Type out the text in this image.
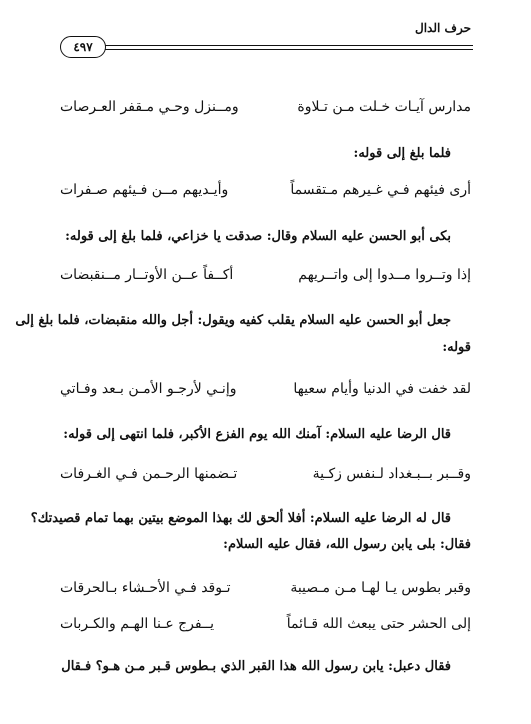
حرف الدال
٤٩٧
مدارس آيـات خـلت مـن تـلاوة
ومــنزل وحـي مـقفر العـرصات
فلما بلغ إلى قوله:
أرى فيئهم فـي غـيرهم مـتقسماً
وأيـديهم مــن فـيئهم صـفرات
بكى أبو الحسن عليه السلام وقال: صدقت يا خزاعي، فلما بلغ إلى قوله:
إذا وتــروا مــدوا إلى واتــريهم
أكــفاً عــن الأوتــار مــنقبضات
جعل أبو الحسن عليه السلام يقلب كفيه ويقول: أجل والله منقبضات، فلما بلغ إلى
قوله:
لقد خفت في الدنيا وأيام سعيها
وإنـي لأرجـو الأمـن بـعد وفـاتي
قال الرضا عليه السلام: آمنك الله يوم الفزع الأكبر، فلما انتهى إلى قوله:
وقــبر بــبـغداد لـنفس زكـية
تـضمنها الرحـمن فـي الغـرفات
قال له الرضا عليه السلام: أفلا ألحق لك بهذا الموضع بيتين بهما تمام قصيدتك؟
فقال: بلى يابن رسول الله، فقال عليه السلام:
وقبر بطوس يـا لهـا مـن مـصيبة
تـوقد فـي الأحـشاء بـالحرقات
إلى الحشر حتى يبعث الله قـائماً
يــفرج عـنا الهـم والكـربات
فقال دعبل: يابن رسول الله هذا القبر الذي بـطوس قـبر مـن هـو؟ فـقال
